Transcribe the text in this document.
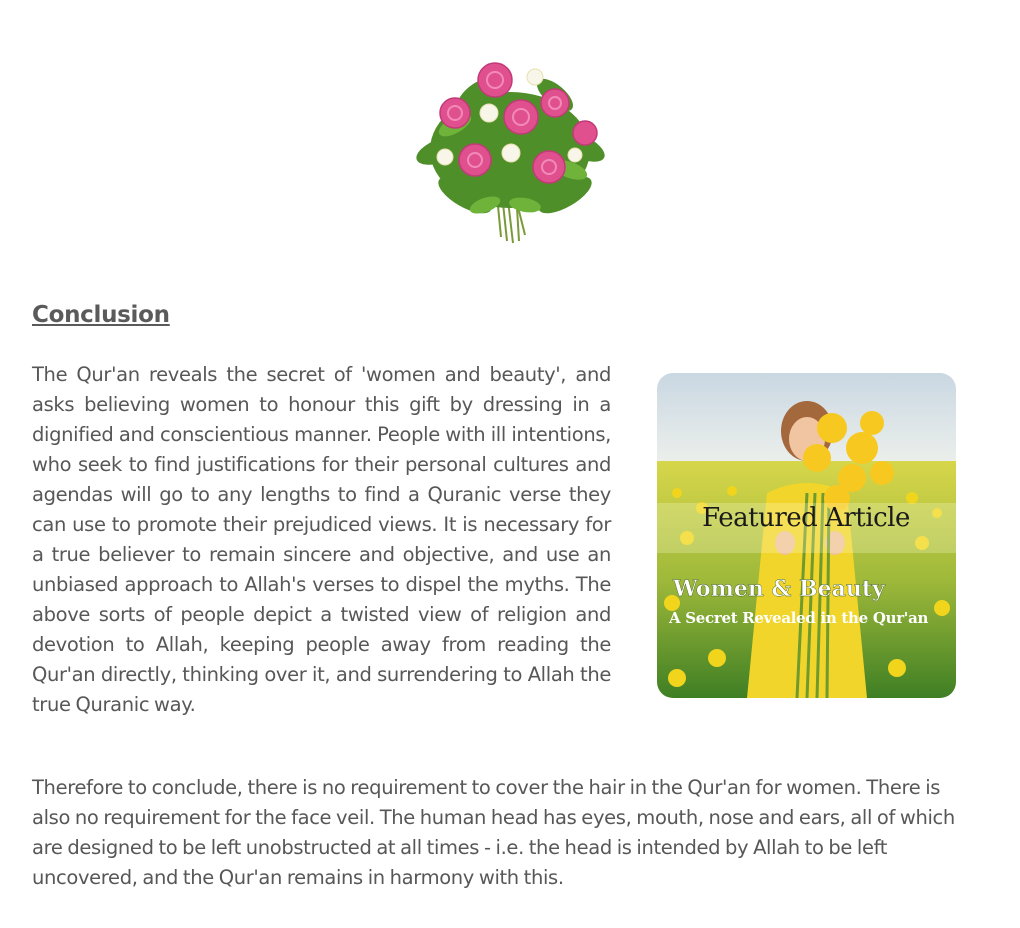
Conclusion
The Qur'an reveals the secret of 'women and beauty', and asks believing women to honour this gift by dressing in a dignified and conscientious manner. People with ill intentions, who seek to find justifications for their personal cultures and agendas will go to any lengths to find a Quranic verse they can use to promote their prejudiced views. It is necessary for a true believer to remain sincere and objective, and use an unbiased approach to Allah's verses to dispel the myths. The above sorts of people depict a twisted view of religion and devotion to Allah, keeping people away from reading the Qur'an directly, thinking over it, and surrendering to Allah the true Quranic way.
Featured Article
Women & Beauty
A Secret Revealed in the Qur'an
Therefore to conclude, there is no requirement to cover the hair in the Qur'an for women. There is also no requirement for the face veil. The human head has eyes, mouth, nose and ears, all of which are designed to be left unobstructed at all times - i.e. the head is intended by Allah to be left uncovered, and the Qur'an remains in harmony with this.
